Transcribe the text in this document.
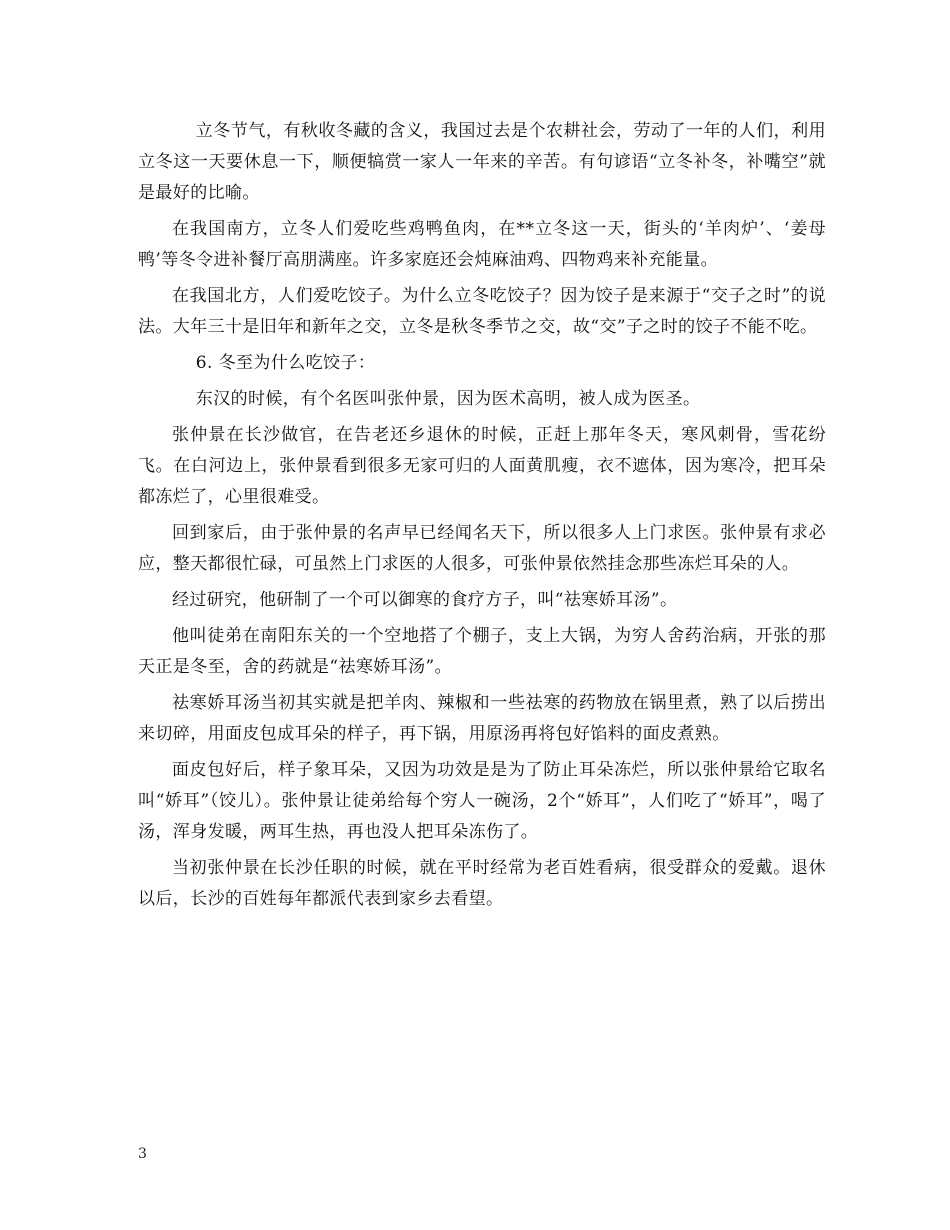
立冬节气，有秋收冬藏的含义，我国过去是个农耕社会，劳动了一年的人们，利用立冬这一天要休息一下，顺便犒赏一家人一年来的辛苦。有句谚语“立冬补冬，补嘴空”就是最好的比喻。

在我国南方，立冬人们爱吃些鸡鸭鱼肉，在**立冬这一天，街头的‘羊肉炉’、‘姜母鸭’等冬令进补餐厅高朋满座。许多家庭还会炖麻油鸡、四物鸡来补充能量。

在我国北方，人们爱吃饺子。为什么立冬吃饺子？因为饺子是来源于“交子之时”的说法。大年三十是旧年和新年之交，立冬是秋冬季节之交，故“交”子之时的饺子不能不吃。

6. 冬至为什么吃饺子：

东汉的时候，有个名医叫张仲景，因为医术高明，被人成为医圣。

张仲景在长沙做官，在告老还乡退休的时候，正赶上那年冬天，寒风刺骨，雪花纷飞。在白河边上，张仲景看到很多无家可归的人面黄肌瘦，衣不遮体，因为寒冷，把耳朵都冻烂了，心里很难受。

回到家后，由于张仲景的名声早已经闻名天下，所以很多人上门求医。张仲景有求必应，整天都很忙碌，可虽然上门求医的人很多，可张仲景依然挂念那些冻烂耳朵的人。

经过研究，他研制了一个可以御寒的食疗方子，叫“祛寒娇耳汤”。

他叫徒弟在南阳东关的一个空地搭了个棚子，支上大锅，为穷人舍药治病，开张的那天正是冬至，舍的药就是“祛寒娇耳汤”。

祛寒娇耳汤当初其实就是把羊肉、辣椒和一些祛寒的药物放在锅里煮，熟了以后捞出来切碎，用面皮包成耳朵的样子，再下锅，用原汤再将包好馅料的面皮煮熟。

面皮包好后，样子象耳朵，又因为功效是是为了防止耳朵冻烂，所以张仲景给它取名叫“娇耳”（饺儿）。张仲景让徒弟给每个穷人一碗汤，2个“娇耳”，人们吃了“娇耳”，喝了汤，浑身发暖，两耳生热，再也没人把耳朵冻伤了。

当初张仲景在长沙任职的时候，就在平时经常为老百姓看病，很受群众的爱戴。退休以后，长沙的百姓每年都派代表到家乡去看望。

3
